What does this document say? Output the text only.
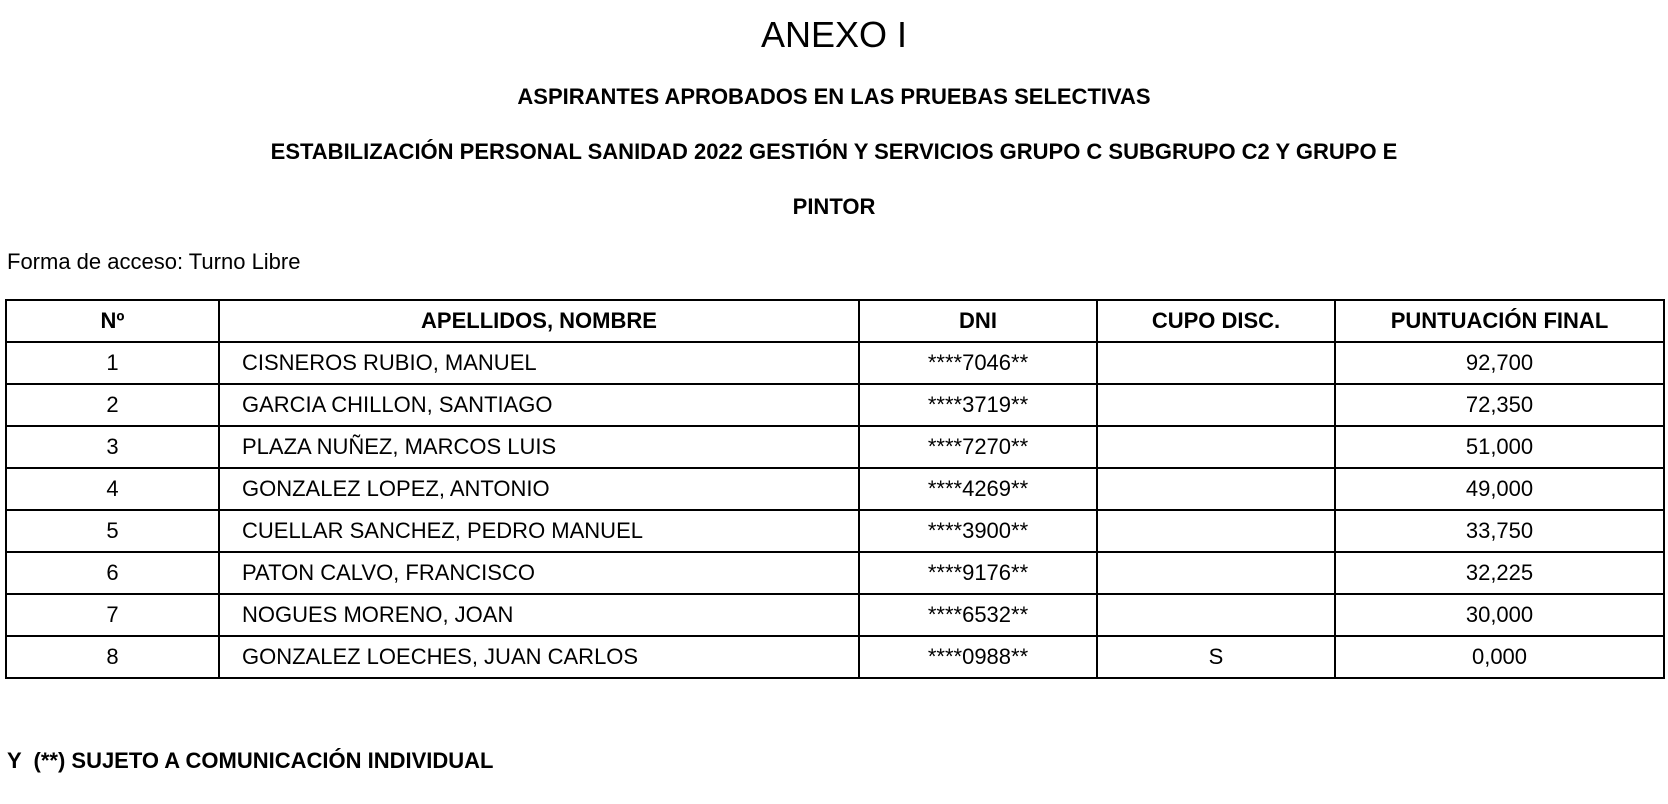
ANEXO I
ASPIRANTES APROBADOS EN LAS PRUEBAS SELECTIVAS
ESTABILIZACIÓN PERSONAL SANIDAD 2022 GESTIÓN Y SERVICIOS GRUPO C SUBGRUPO C2 Y GRUPO E
PINTOR
Forma de acceso: Turno Libre
Nº	APELLIDOS, NOMBRE	DNI	CUPO DISC.	PUNTUACIÓN FINAL
1	CISNEROS RUBIO, MANUEL	****7046**		92,700
2	GARCIA CHILLON, SANTIAGO	****3719**		72,350
3	PLAZA NUÑEZ, MARCOS LUIS	****7270**		51,000
4	GONZALEZ LOPEZ, ANTONIO	****4269**		49,000
5	CUELLAR SANCHEZ, PEDRO MANUEL	****3900**		33,750
6	PATON CALVO, FRANCISCO	****9176**		32,225
7	NOGUES MORENO, JOAN	****6532**		30,000
8	GONZALEZ LOECHES, JUAN CARLOS	****0988**	S	0,000
Y  (**) SUJETO A COMUNICACIÓN INDIVIDUAL
